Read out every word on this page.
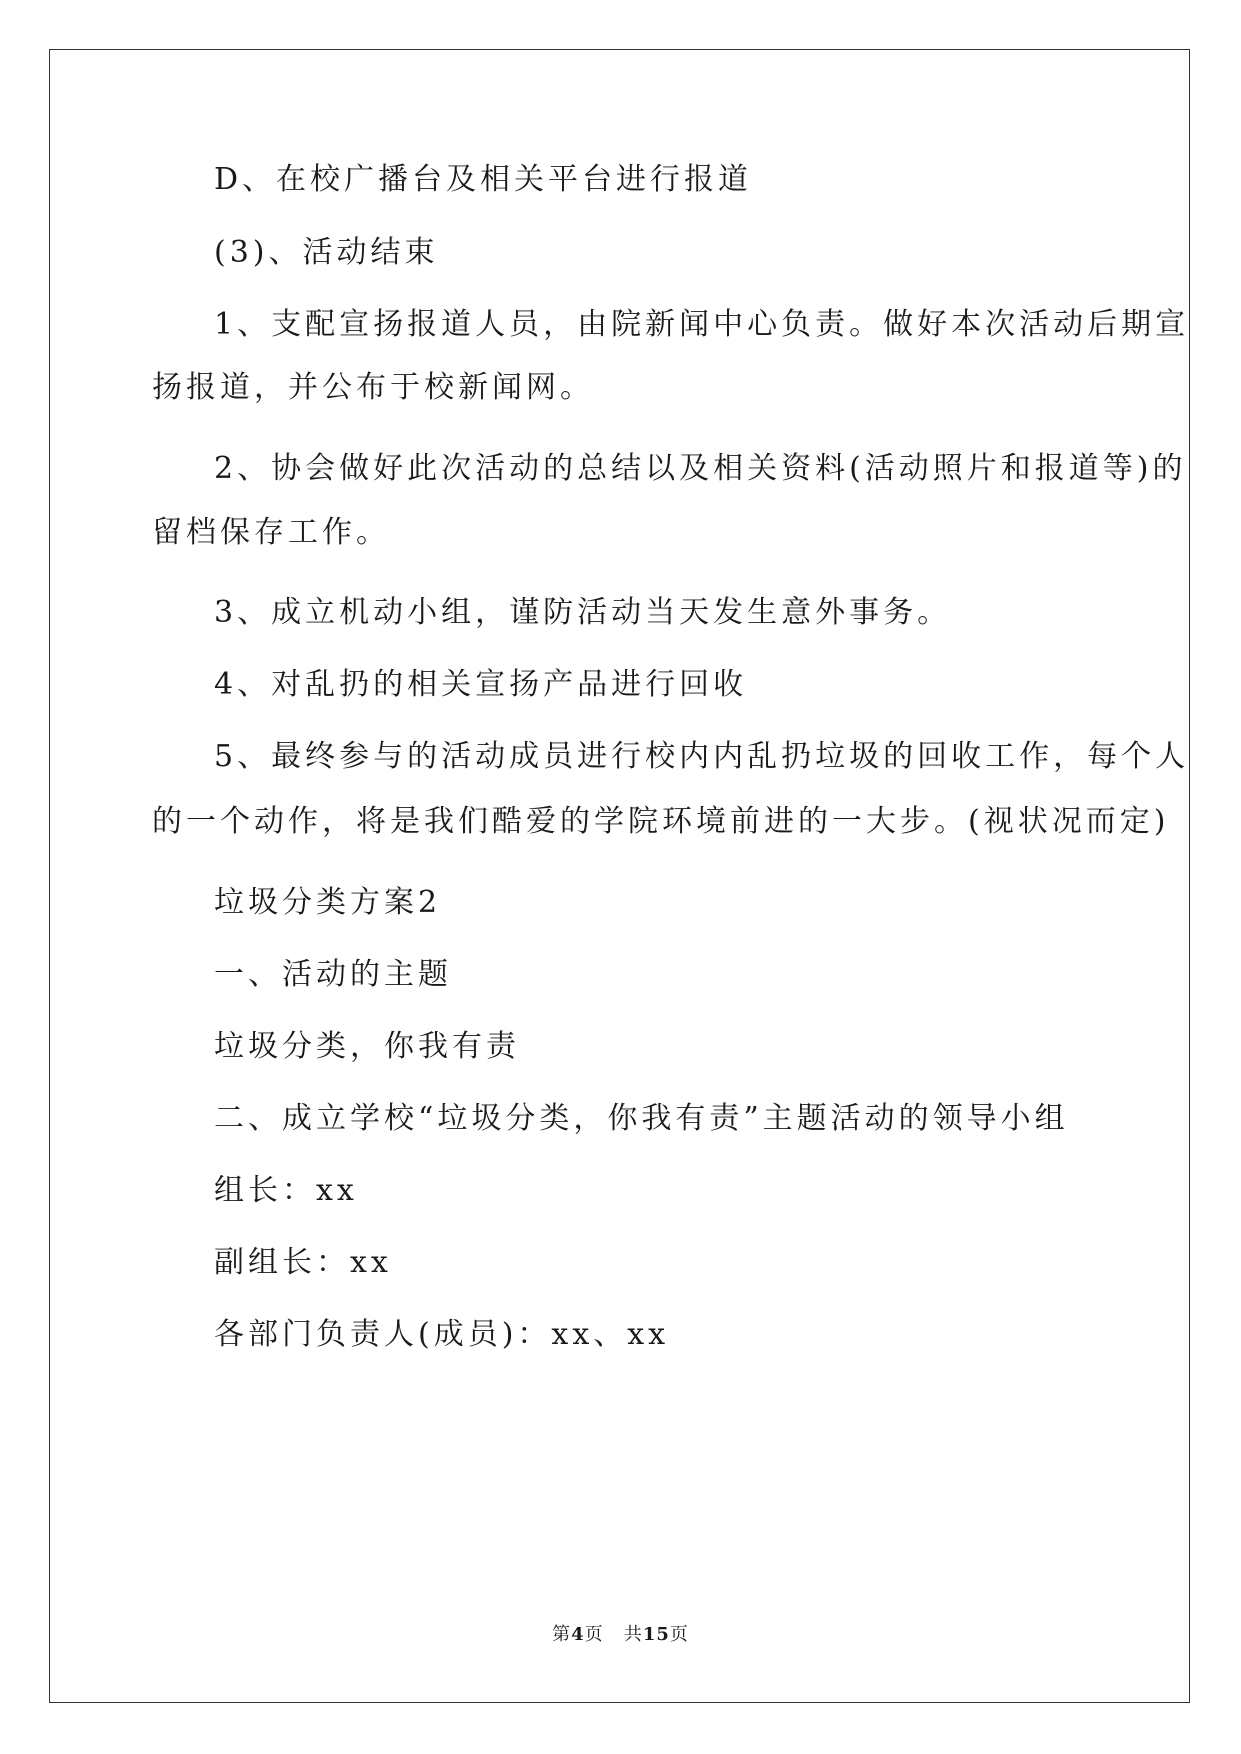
D、在校广播台及相关平台进行报道

(3)、活动结束

1、支配宣扬报道人员，由院新闻中心负责。做好本次活动后期宣

扬报道，并公布于校新闻网。

2、协会做好此次活动的总结以及相关资料(活动照片和报道等)的

留档保存工作。

3、成立机动小组，谨防活动当天发生意外事务。

4、对乱扔的相关宣扬产品进行回收

5、最终参与的活动成员进行校内内乱扔垃圾的回收工作，每个人

的一个动作，将是我们酷爱的学院环境前进的一大步。(视状况而定)

垃圾分类方案2

一、活动的主题

垃圾分类，你我有责

二、成立学校“垃圾分类，你我有责”主题活动的领导小组

组长：xx

副组长：xx

各部门负责人(成员)：xx、xx

第4页 共15页
